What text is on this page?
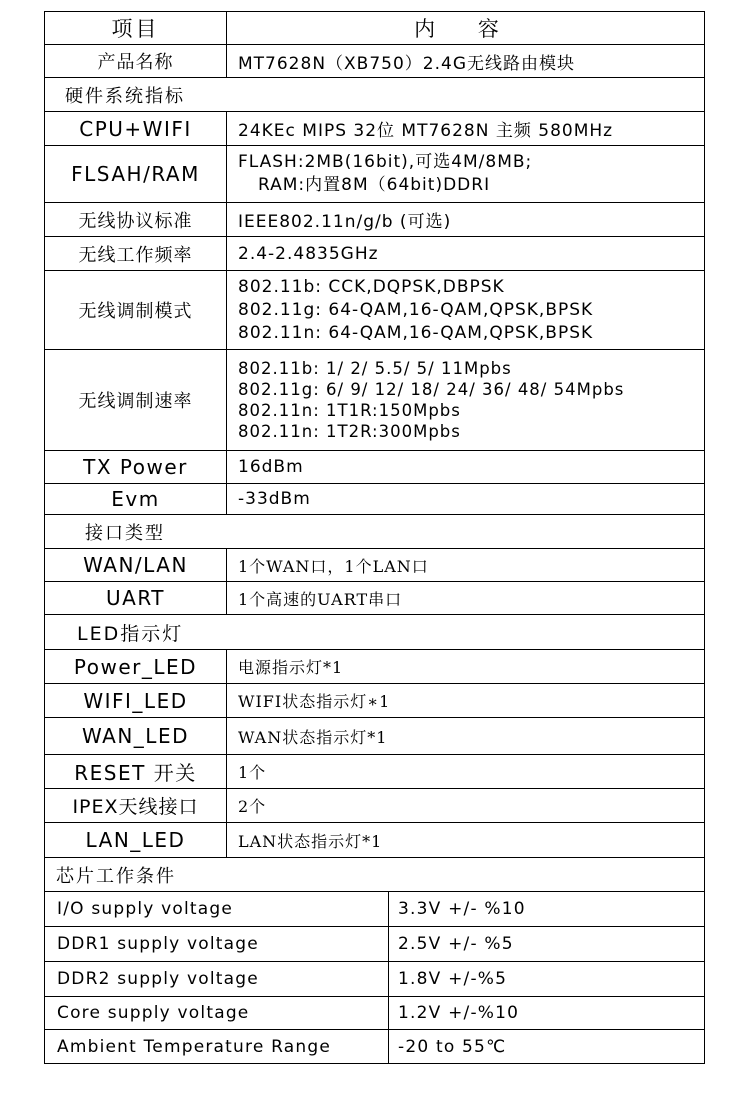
项目	内 容	
产品名称	MT7628N（XB750）2.4G无线路由模块	
硬件系统指标		
CPU+WIFI	24KEc MIPS 32位 MT7628N 主频 580MHz	
FLSAH/RAM	FLASH:2MB(16bit),可选4M/8MB;
RAM:内置8M（64bit)DDRI	

无线协议标准	IEEE802.11n/g/b (可选)	
无线工作频率	2.4-2.4835GHz	
无线调制模式	802.11b: CCK,DQPSK,DBPSK
802.11g: 64-QAM,16-QAM,QPSK,BPSK
802.11n: 64-QAM,16-QAM,QPSK,BPSK	

无线调制速率	802.11b: 1/ 2/ 5.5/ 5/ 11Mpbs
802.11g: 6/ 9/ 12/ 18/ 24/ 36/ 48/ 54Mpbs
802.11n: 1T1R:150Mpbs
802.11n: 1T2R:300Mpbs	

TX Power	16dBm	
Evm	-33dBm	
接口类型		
WAN/LAN	1个WAN口，1个LAN口	
UART	1个高速的UART串口	
LED指示灯		
Power_LED	电源指示灯*1	
WIFI_LED	WIFI状态指示灯∗1	
WAN_LED	WAN状态指示灯*1	
RESET 开关	1个	
IPEX天线接口	2个	
LAN_LED	LAN状态指示灯*1	
芯片工作条件		
I/O supply voltage		3.3V +/- %10
DDR1 supply voltage		2.5V +/- %5
DDR2 supply voltage		1.8V +/-%5
Core supply voltage		1.2V +/-%10
Ambient Temperature Range		-20 to 55℃
